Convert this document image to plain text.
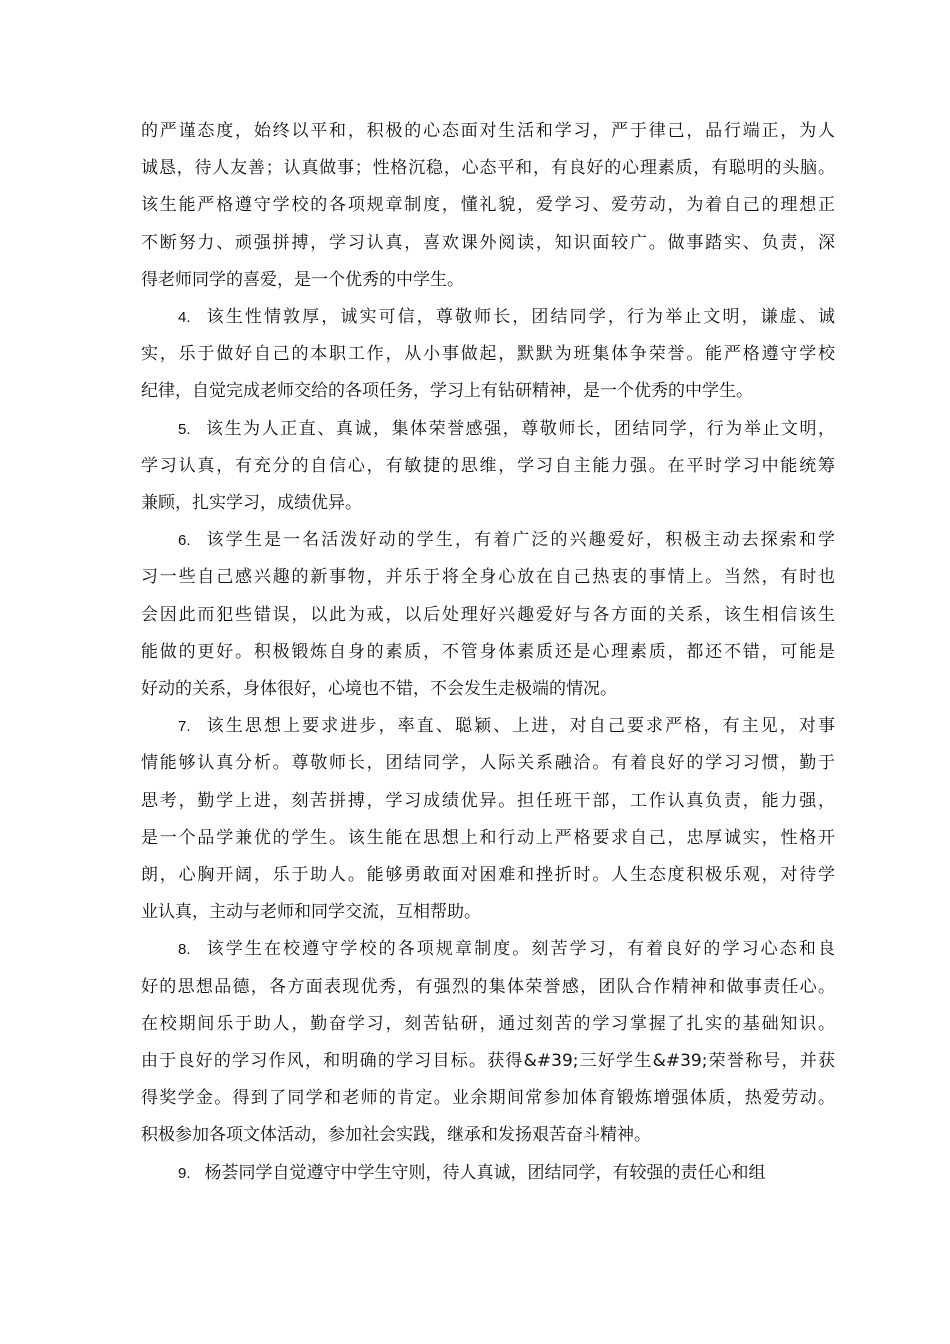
的严谨态度，始终以平和，积极的心态面对生活和学习，严于律己，品行端正，为人
诚恳，待人友善；认真做事；性格沉稳，心态平和，有良好的心理素质，有聪明的头脑。
该生能严格遵守学校的各项规章制度，懂礼貌，爱学习、爱劳动，为着自己的理想正
不断努力、顽强拼搏，学习认真，喜欢课外阅读，知识面较广。做事踏实、负责，深
得老师同学的喜爱，是一个优秀的中学生。
4. 该生性情敦厚，诚实可信，尊敬师长，团结同学，行为举止文明，谦虚、诚
实，乐于做好自己的本职工作，从小事做起，默默为班集体争荣誉。能严格遵守学校
纪律，自觉完成老师交给的各项任务，学习上有钻研精神，是一个优秀的中学生。
5. 该生为人正直、真诚，集体荣誉感强，尊敬师长，团结同学，行为举止文明，
学习认真，有充分的自信心，有敏捷的思维，学习自主能力强。在平时学习中能统筹
兼顾，扎实学习，成绩优异。
6. 该学生是一名活泼好动的学生，有着广泛的兴趣爱好，积极主动去探索和学
习一些自己感兴趣的新事物，并乐于将全身心放在自己热衷的事情上。当然，有时也
会因此而犯些错误，以此为戒，以后处理好兴趣爱好与各方面的关系，该生相信该生
能做的更好。积极锻炼自身的素质，不管身体素质还是心理素质，都还不错，可能是
好动的关系，身体很好，心境也不错，不会发生走极端的情况。
7. 该生思想上要求进步，率直、聪颖、上进，对自己要求严格，有主见，对事
情能够认真分析。尊敬师长，团结同学，人际关系融洽。有着良好的学习习惯，勤于
思考，勤学上进，刻苦拼搏，学习成绩优异。担任班干部，工作认真负责，能力强，
是一个品学兼优的学生。该生能在思想上和行动上严格要求自己，忠厚诚实，性格开
朗，心胸开阔，乐于助人。能够勇敢面对困难和挫折时。人生态度积极乐观，对待学
业认真，主动与老师和同学交流，互相帮助。
8. 该学生在校遵守学校的各项规章制度。刻苦学习，有着良好的学习心态和良
好的思想品德，各方面表现优秀，有强烈的集体荣誉感，团队合作精神和做事责任心。
在校期间乐于助人，勤奋学习，刻苦钻研，通过刻苦的学习掌握了扎实的基础知识。
由于良好的学习作风，和明确的学习目标。获得&#39;三好学生&#39;荣誉称号，并获
得奖学金。得到了同学和老师的肯定。业余期间常参加体育锻炼增强体质，热爱劳动。
积极参加各项文体活动，参加社会实践，继承和发扬艰苦奋斗精神。
9. 杨荟同学自觉遵守中学生守则，待人真诚，团结同学，有较强的责任心和组
